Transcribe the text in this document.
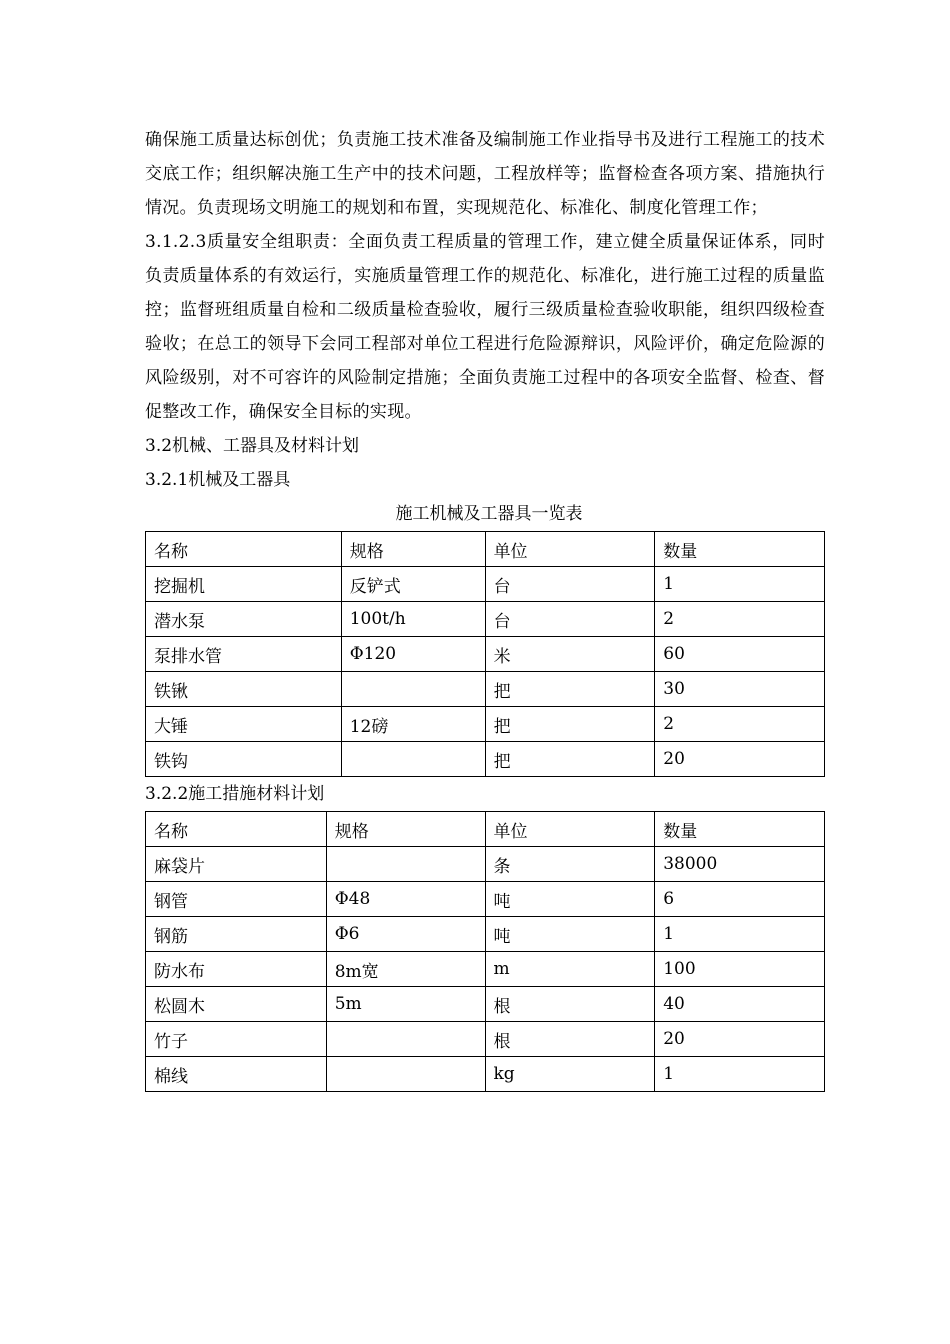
确保施工质量达标创优；负责施工技术准备及编制施工作业指导书及进行工程施工的技术交底工作；组织解决施工生产中的技术问题，工程放样等；监督检查各项方案、措施执行情况。负责现场文明施工的规划和布置，实现规范化、标准化、制度化管理工作；

3.1.2.3质量安全组职责：全面负责工程质量的管理工作，建立健全质量保证体系，同时负责质量体系的有效运行，实施质量管理工作的规范化、标准化，进行施工过程的质量监控；监督班组质量自检和二级质量检查验收，履行三级质量检查验收职能，组织四级检查验收；在总工的领导下会同工程部对单位工程进行危险源辩识，风险评价，确定危险源的风险级别，对不可容许的风险制定措施；全面负责施工过程中的各项安全监督、检查、督促整改工作，确保安全目标的实现。

3.2机械、工器具及材料计划

3.2.1机械及工器具

施工机械及工器具一览表

名称	规格	单位	数量
挖掘机	反铲式	台	1
潜水泵	100t/h	台	2
泵排水管	Φ120	米	60
铁锹		把	30
大锤	12磅	把	2
铁钩		把	20

3.2.2施工措施材料计划

名称	规格	单位	数量
麻袋片		条	38000
钢管	Φ48	吨	6
钢筋	Φ6	吨	1
防水布	8m宽	m	100
松圆木	5m	根	40
竹子		根	20
棉线		kg	1
